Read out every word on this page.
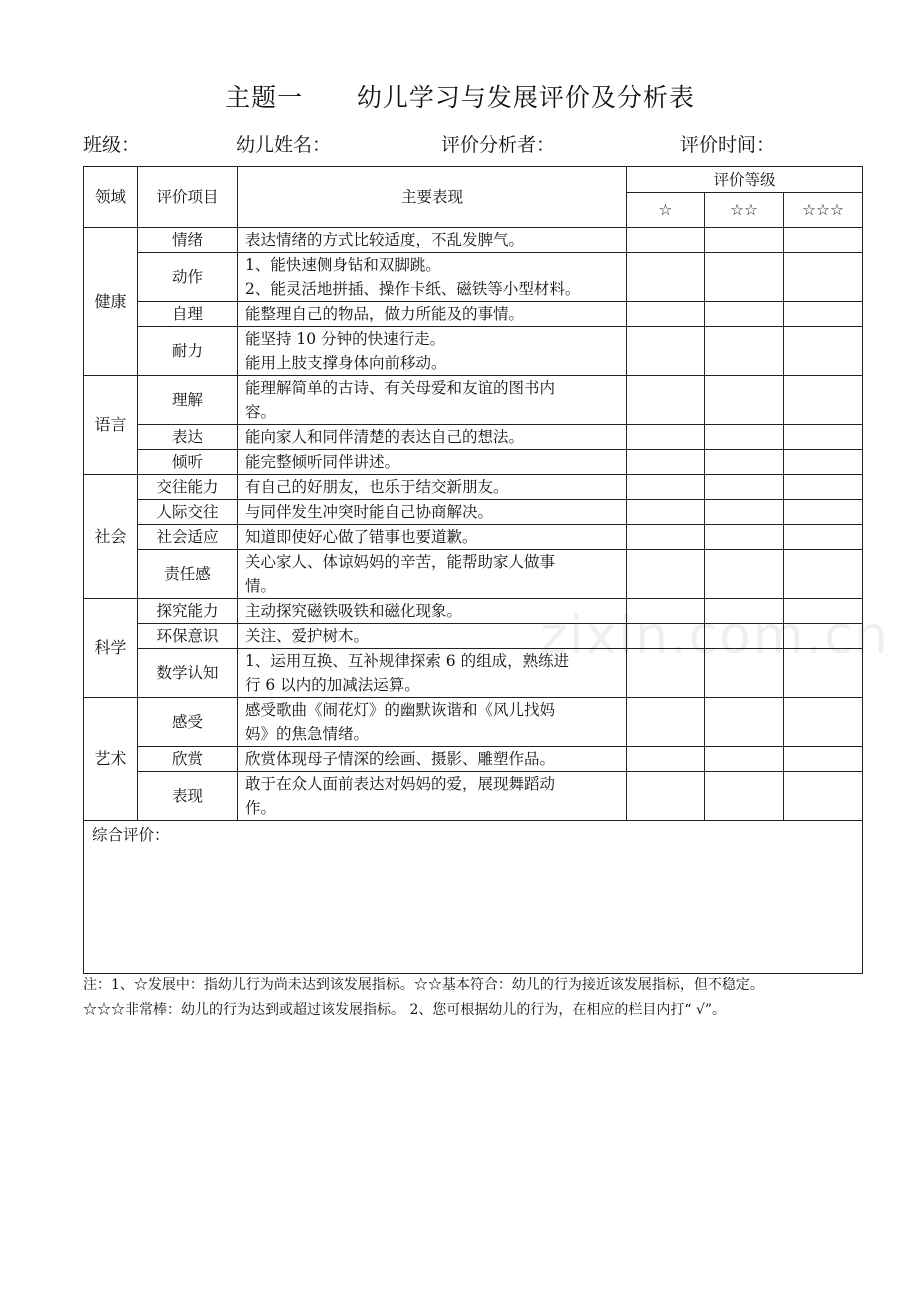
主题一      幼儿学习与发展评价及分析表
班级：	幼儿姓名：	评价分析者：	评价时间：
领域	评价项目	主要表现	评价等级		
			☆	☆☆	☆☆☆
健康	情绪	表达情绪的方式比较适度，不乱发脾气。			

	动作	1、能快速侧身钻和双脚跳。
2、能灵活地拼插、操作卡纸、磁铁等小型材料。			

	自理	能整理自己的物品，做力所能及的事情。			

	耐力	能坚持 10 分钟的快速行走。
能用上肢支撑身体向前移动。			

语言	理解	能理解简单的古诗、有关母爱和友谊的图书内
容。			

	表达	能向家人和同伴清楚的表达自己的想法。			

	倾听	能完整倾听同伴讲述。			

社会	交往能力	有自己的好朋友，也乐于结交新朋友。			

	人际交往	与同伴发生冲突时能自己协商解决。			

	社会适应	知道即使好心做了错事也要道歉。			

	责任感	关心家人、体谅妈妈的辛苦，能帮助家人做事
情。			

科学	探究能力	主动探究磁铁吸铁和磁化现象。			

	环保意识	关注、爱护树木。			

	数学认知	1、运用互换、互补规律探索 6 的组成，熟练进
行 6 以内的加减法运算。			

艺术	感受	感受歌曲《闹花灯》的幽默诙谐和《风儿找妈
妈》的焦急情绪。			

	欣赏	欣赏体现母子情深的绘画、摄影、雕塑作品。			

	表现	敢于在众人面前表达对妈妈的爱，展现舞蹈动
作。			

综合评价：					
注：1、☆发展中：指幼儿行为尚未达到该发展指标。☆☆基本符合：幼儿的行为接近该发展指标，但不稳定。
☆☆☆非常棒：幼儿的行为达到或超过该发展指标。 2、您可根据幼儿的行为，在相应的栏目内打“ √”。
zixin.com.cn
